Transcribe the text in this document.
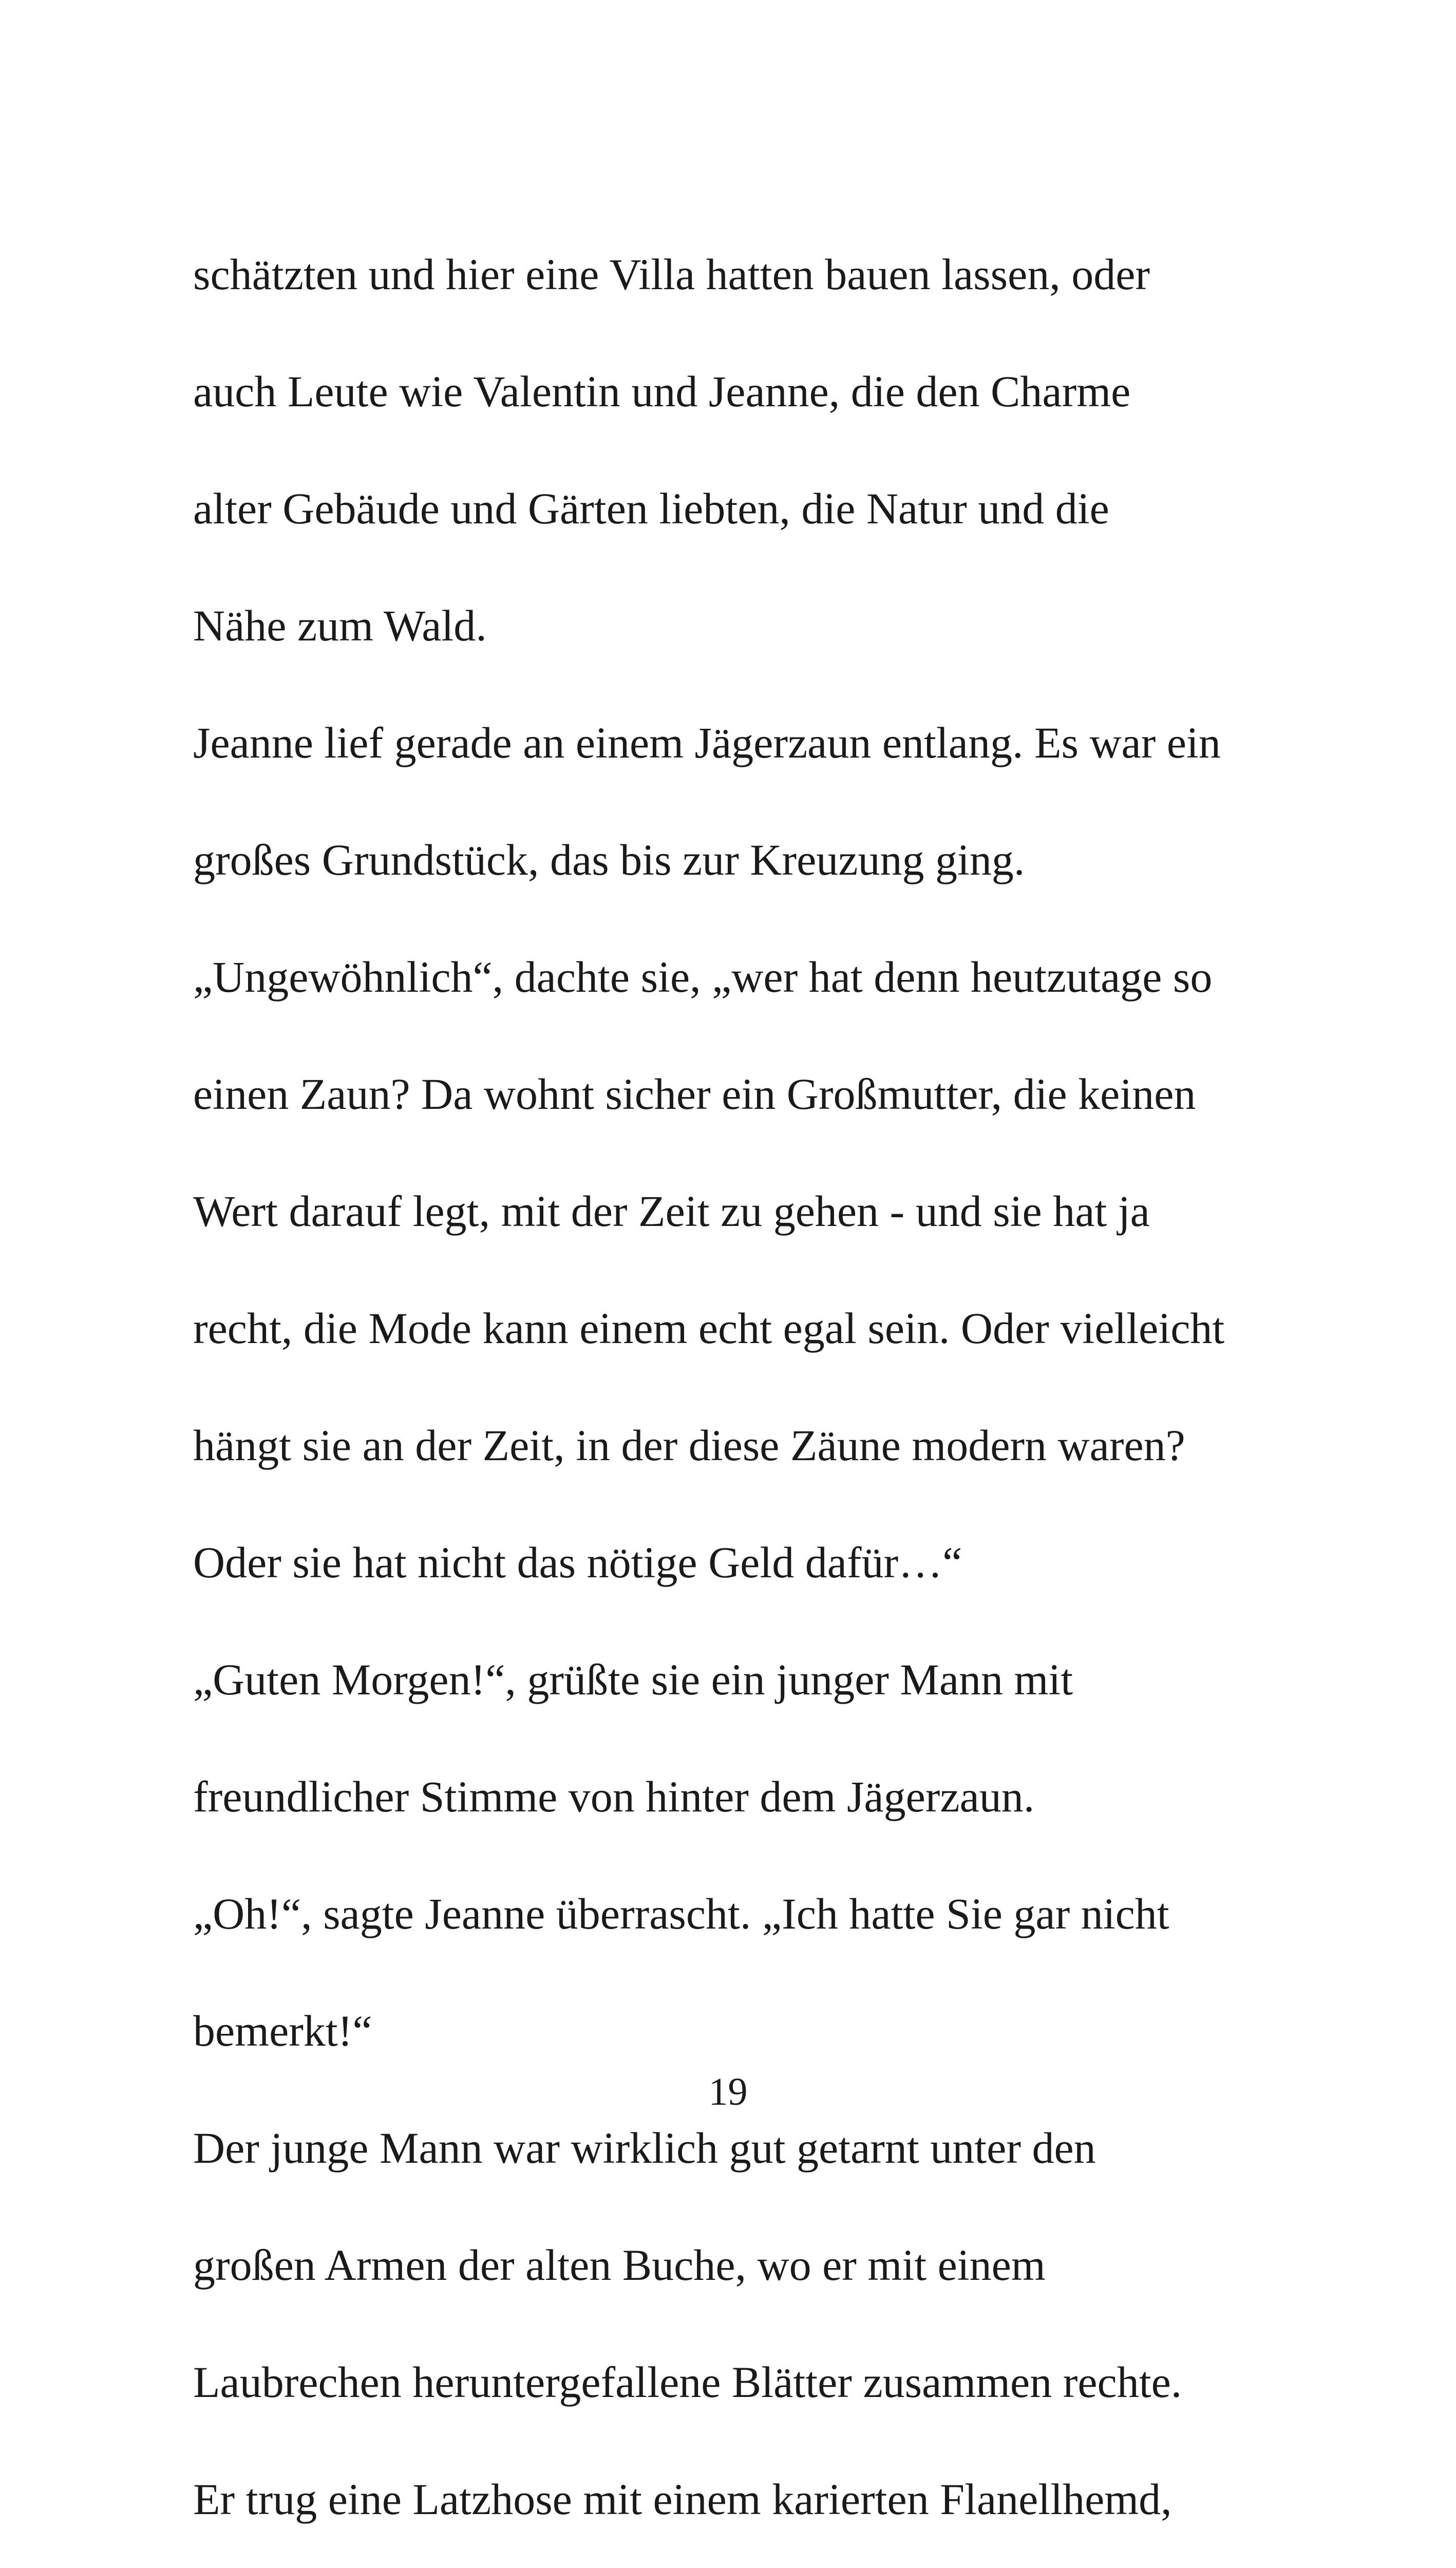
schätzten und hier eine Villa hatten bauen lassen, oder
auch Leute wie Valentin und Jeanne, die den Charme
alter Gebäude und Gärten liebten, die Natur und die
Nähe zum Wald.
Jeanne lief gerade an einem Jägerzaun entlang. Es war ein
großes Grundstück, das bis zur Kreuzung ging.
„Ungewöhnlich“, dachte sie, „wer hat denn heutzutage so
einen Zaun? Da wohnt sicher ein Großmutter, die keinen
Wert darauf legt, mit der Zeit zu gehen - und sie hat ja
recht, die Mode kann einem echt egal sein. Oder vielleicht
hängt sie an der Zeit, in der diese Zäune modern waren?
Oder sie hat nicht das nötige Geld dafür…“
„Guten Morgen!“, grüßte sie ein junger Mann mit
freundlicher Stimme von hinter dem Jägerzaun.
„Oh!“, sagte Jeanne überrascht. „Ich hatte Sie gar nicht
bemerkt!“
Der junge Mann war wirklich gut getarnt unter den
großen Armen der alten Buche, wo er mit einem
Laubrechen heruntergefallene Blätter zusammen rechte.
Er trug eine Latzhose mit einem karierten Flanellhemd,
19
